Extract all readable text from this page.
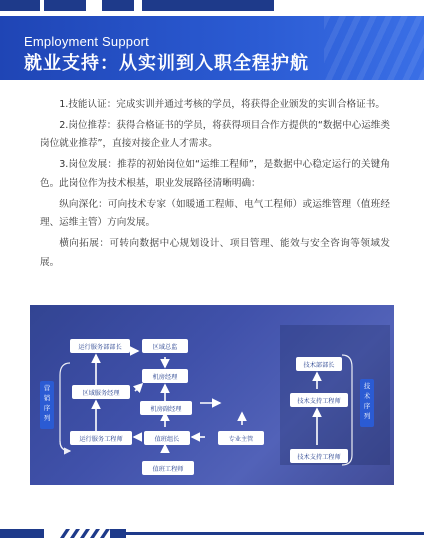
Employment Support
就业支持：从实训到入职全程护航

1.技能认证：完成实训并通过考核的学员，将获得企业颁发的实训合格证书。

2.岗位推荐：获得合格证书的学员，将获得项目合作方提供的“数据中心运维类岗位就业推荐”，直接对接企业人才需求。

3.岗位发展：推荐的初始岗位如“运维工程师”，是数据中心稳定运行的关键角色。此岗位作为技术根基，职业发展路径清晰明确：

纵向深化：可向技术专家（如暖通工程师、电气工程师）或运维管理（值班经理、运维主管）方向发展。

横向拓展：可转向数据中心规划设计、项目管理、能效与安全咨询等领域发展。

营销序列
技术序列
运行服务部部长	区域总监
机房经理
区域服务经理
机房副经理
运行服务工程师	值班组长	专业主管
值班工程师
技术部部长
技术支持工程师
技术支持工程师
